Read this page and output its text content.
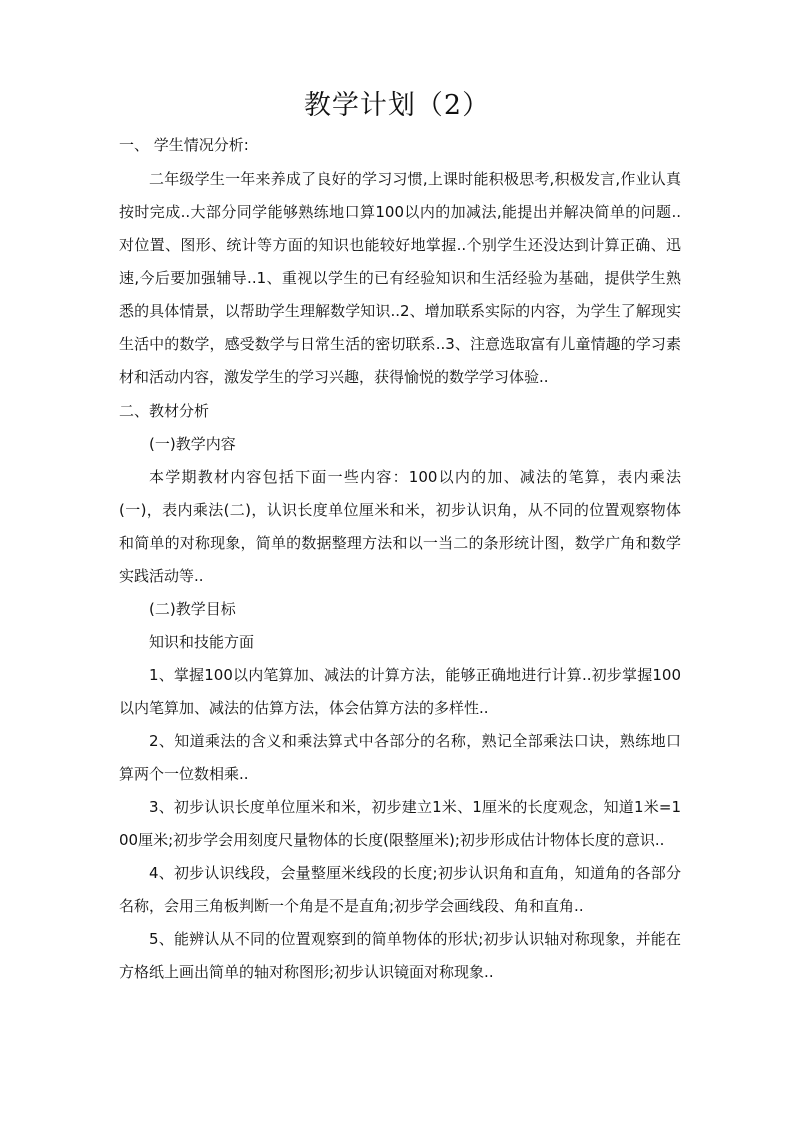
教学计划（2）

一、 学生情况分析:

二年级学生一年来养成了良好的学习习惯,上课时能积极思考,积极发言,作业认真按时完成..大部分同学能够熟练地口算100以内的加减法,能提出并解决简单的问题..对位置、图形、统计等方面的知识也能较好地掌握..个别学生还没达到计算正确、迅速,今后要加强辅导..1、重视以学生的已有经验知识和生活经验为基础，提供学生熟悉的具体情景，以帮助学生理解数学知识..2、增加联系实际的内容，为学生了解现实生活中的数学，感受数学与日常生活的密切联系..3、注意选取富有儿童情趣的学习素材和活动内容，激发学生的学习兴趣，获得愉悦的数学学习体验..

二、教材分析

(一)教学内容

本学期教材内容包括下面一些内容：100以内的加、减法的笔算，表内乘法(一)，表内乘法(二)，认识长度单位厘米和米，初步认识角，从不同的位置观察物体和简单的对称现象，简单的数据整理方法和以一当二的条形统计图，数学广角和数学实践活动等..

(二)教学目标

知识和技能方面

1、掌握100以内笔算加、减法的计算方法，能够正确地进行计算..初步掌握100以内笔算加、减法的估算方法，体会估算方法的多样性..

2、知道乘法的含义和乘法算式中各部分的名称，熟记全部乘法口诀，熟练地口算两个一位数相乘..

3、初步认识长度单位厘米和米，初步建立1米、1厘米的长度观念，知道1米=100厘米;初步学会用刻度尺量物体的长度(限整厘米);初步形成估计物体长度的意识..

4、初步认识线段，会量整厘米线段的长度;初步认识角和直角，知道角的各部分名称，会用三角板判断一个角是不是直角;初步学会画线段、角和直角..

5、能辨认从不同的位置观察到的简单物体的形状;初步认识轴对称现象，并能在方格纸上画出简单的轴对称图形;初步认识镜面对称现象..
